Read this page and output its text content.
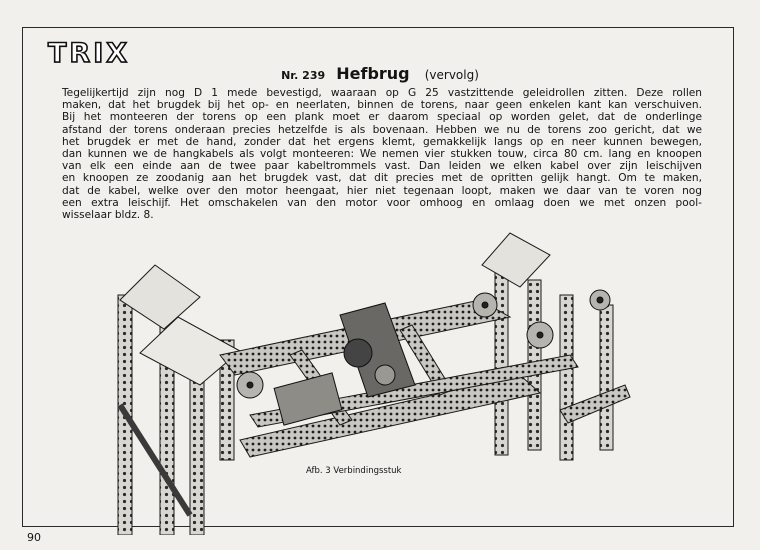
TRIX
Nr. 239 Hefbrug (vervolg)
Tegelijkertijd zijn nog D 1 mede bevestigd, waaraan op G 25 vastzittende geleidrollen zitten. Deze rollen
maken, dat het brugdek bij het op- en neerlaten, binnen de torens, naar geen enkelen kant kan verschuiven.
Bij het monteeren der torens op een plank moet er daarom speciaal op worden gelet, dat de onderlinge
afstand der torens onderaan precies hetzelfde is als bovenaan. Hebben we nu de torens zoo gericht, dat we
het brugdek er met de hand, zonder dat het ergens klemt, gemakkelijk langs op en neer kunnen bewegen,
dan kunnen we de hangkabels als volgt monteeren: We nemen vier stukken touw, circa 80 cm. lang en knoopen
van elk een einde aan de twee paar kabeltrommels vast. Dan leiden we elken kabel over zijn leischijven
en knoopen ze zoodanig aan het brugdek vast, dat dit precies met de opritten gelijk hangt. Om te maken,
dat de kabel, welke over den motor heengaat, hier niet tegenaan loopt, maken we daar van te voren nog
een extra leischijf. Het omschakelen van den motor voor omhoog en omlaag doen we met onzen pool-
wisselaar bldz. 8.
Afb. 3 Verbindingsstuk
90
